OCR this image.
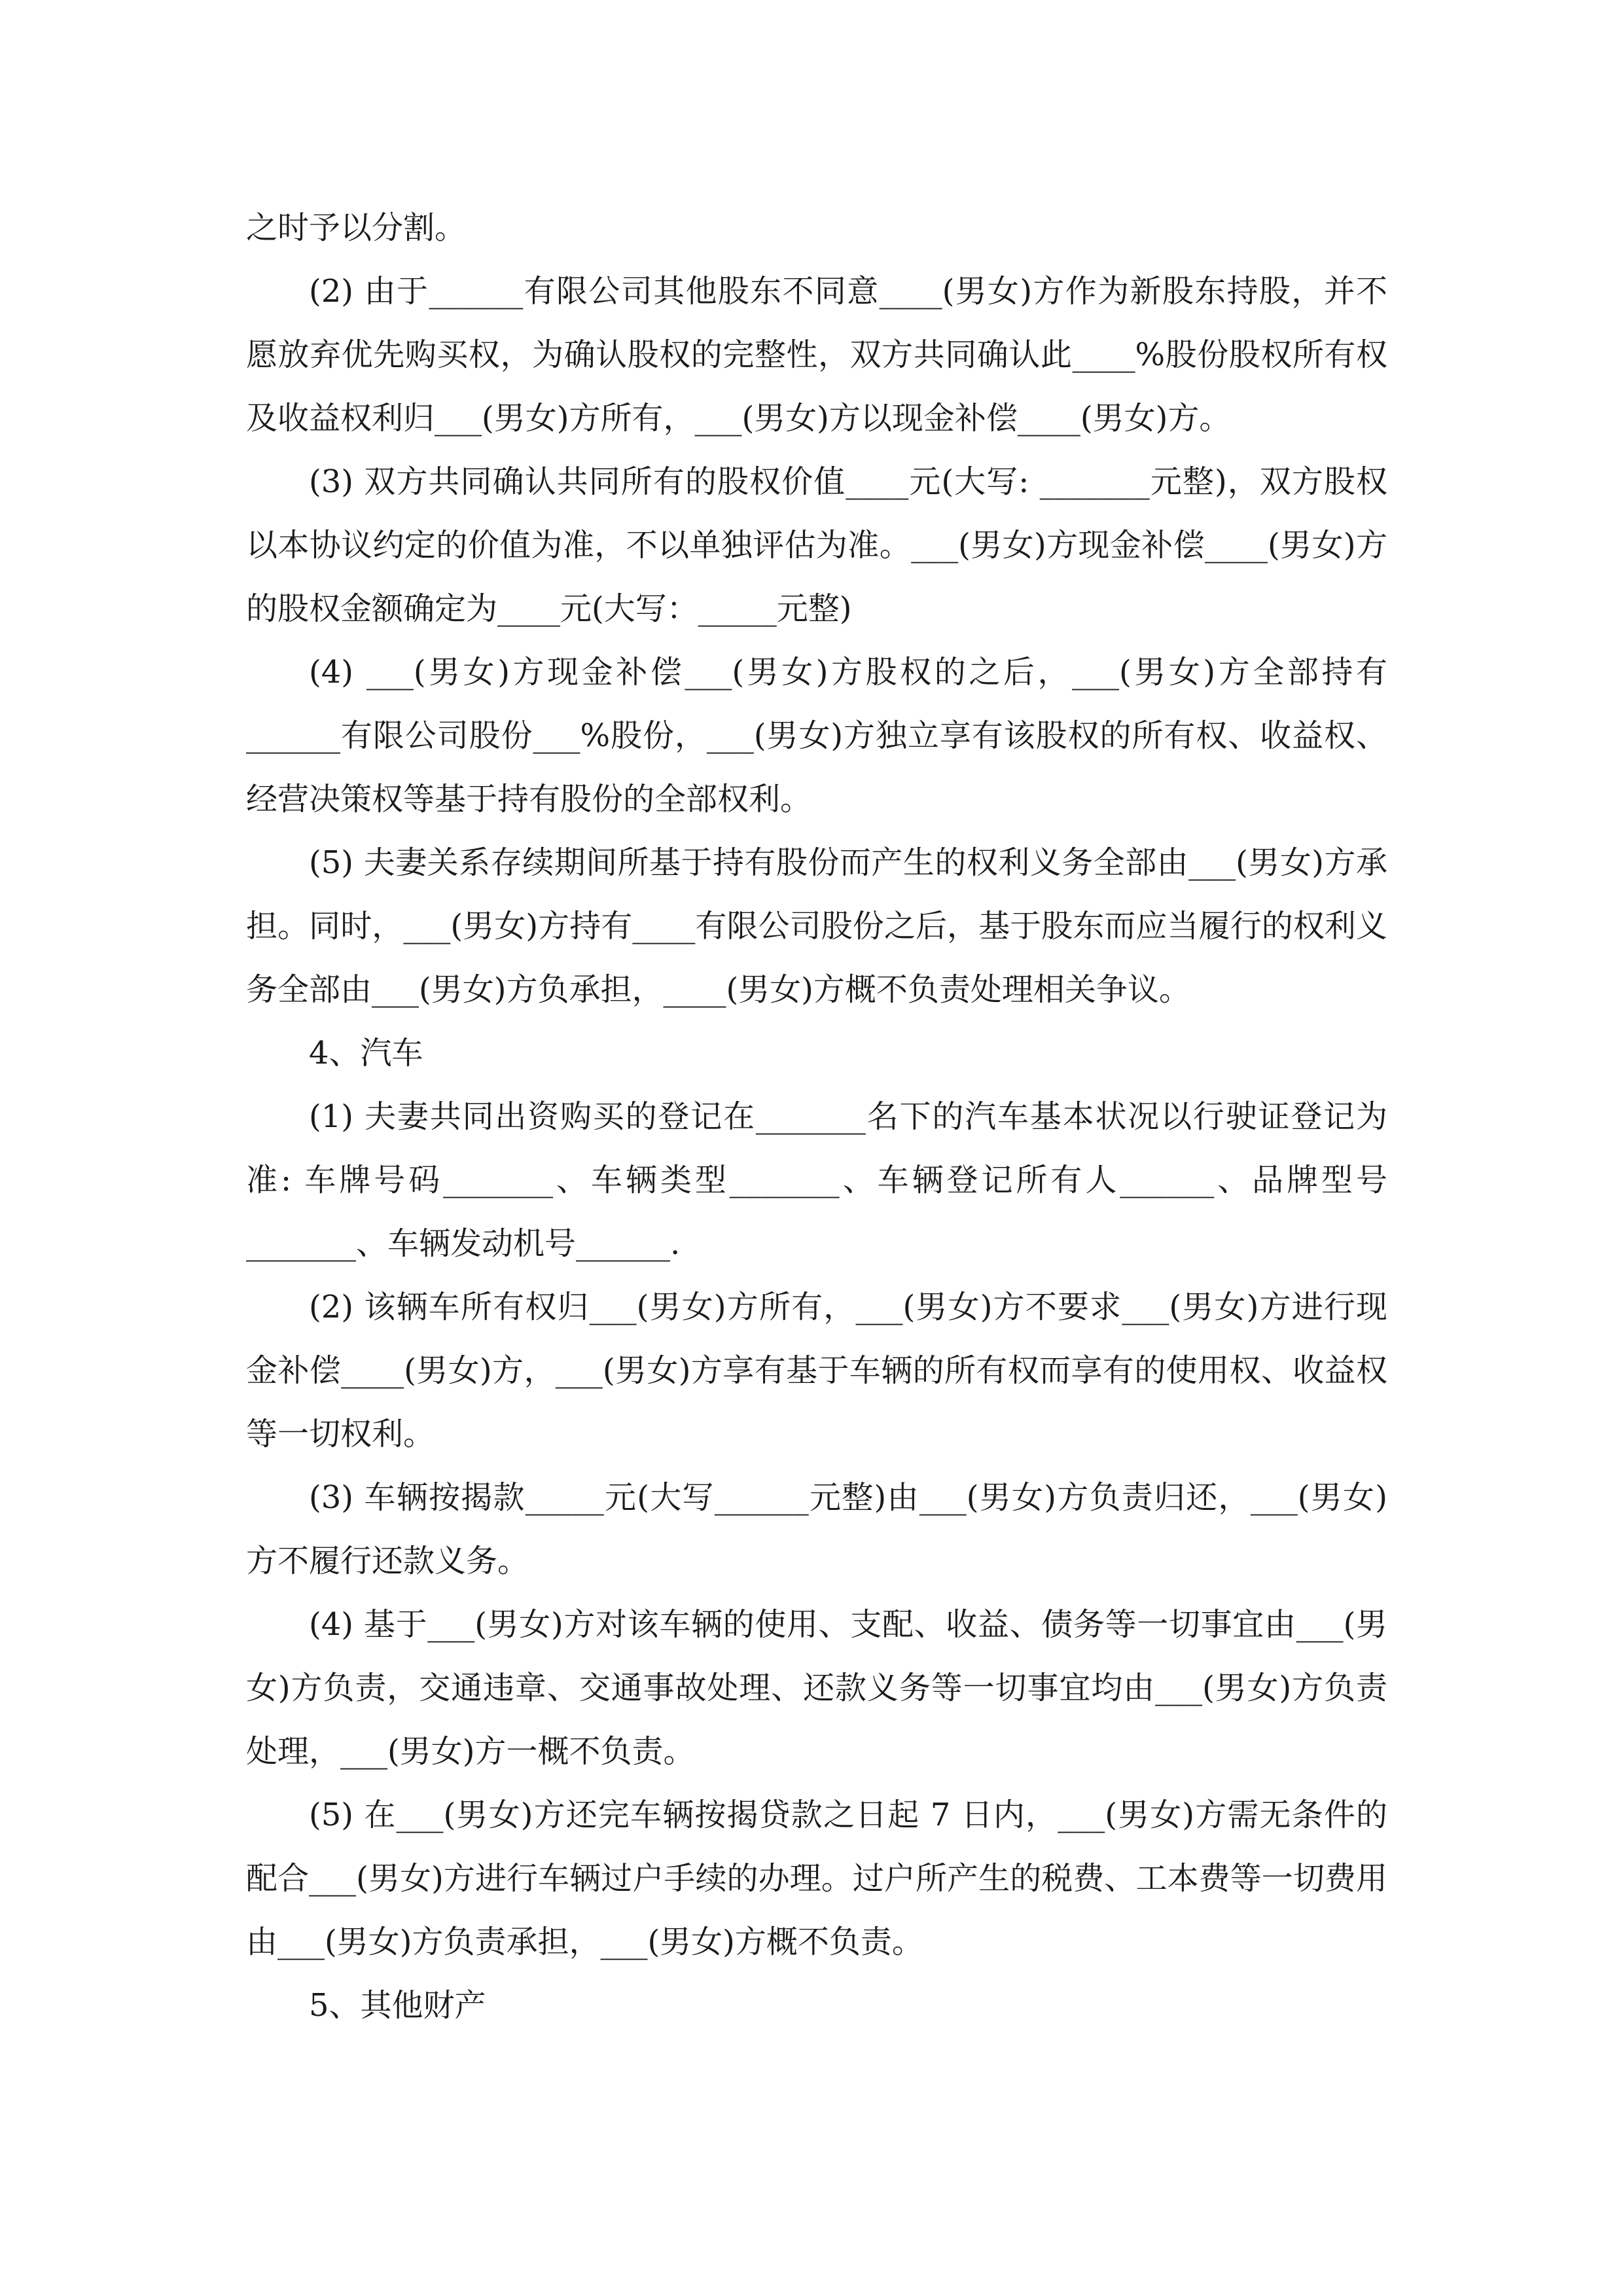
之时予以分割。

(2) 由于______有限公司其他股东不同意____(男女)方作为新股东持股，并不愿放弃优先购买权，为确认股权的完整性，双方共同确认此____%股份股权所有权及收益权利归___(男女)方所有，___(男女)方以现金补偿____(男女)方。

(3) 双方共同确认共同所有的股权价值____元(大写: _______元整)，双方股权以本协议约定的价值为准，不以单独评估为准。___(男女)方现金补偿____(男女)方的股权金额确定为____元(大写：_____元整)

(4) ___(男女)方现金补偿___(男女)方股权的之后，___(男女)方全部持有______有限公司股份___%股份，___(男女)方独立享有该股权的所有权、收益权、经营决策权等基于持有股份的全部权利。

(5) 夫妻关系存续期间所基于持有股份而产生的权利义务全部由___(男女)方承担。同时，___(男女)方持有____有限公司股份之后，基于股东而应当履行的权利义务全部由___(男女)方负承担，____(男女)方概不负责处理相关争议。

4、汽车

(1) 夫妻共同出资购买的登记在_______名下的汽车基本状况以行驶证登记为准: 车牌号码_______、车辆类型_______、车辆登记所有人______、品牌型号_______、车辆发动机号______.

(2) 该辆车所有权归___(男女)方所有，___(男女)方不要求___(男女)方进行现金补偿____(男女)方，___(男女)方享有基于车辆的所有权而享有的使用权、收益权等一切权利。

(3) 车辆按揭款_____元(大写______元整)由___(男女)方负责归还，___(男女)方不履行还款义务。

(4) 基于___(男女)方对该车辆的使用、支配、收益、债务等一切事宜由___(男女)方负责，交通违章、交通事故处理、还款义务等一切事宜均由___(男女)方负责处理，___(男女)方一概不负责。

(5) 在___(男女)方还完车辆按揭贷款之日起 7 日内，___(男女)方需无条件的配合___(男女)方进行车辆过户手续的办理。过户所产生的税费、工本费等一切费用由___(男女)方负责承担，___(男女)方概不负责。

5、其他财产
